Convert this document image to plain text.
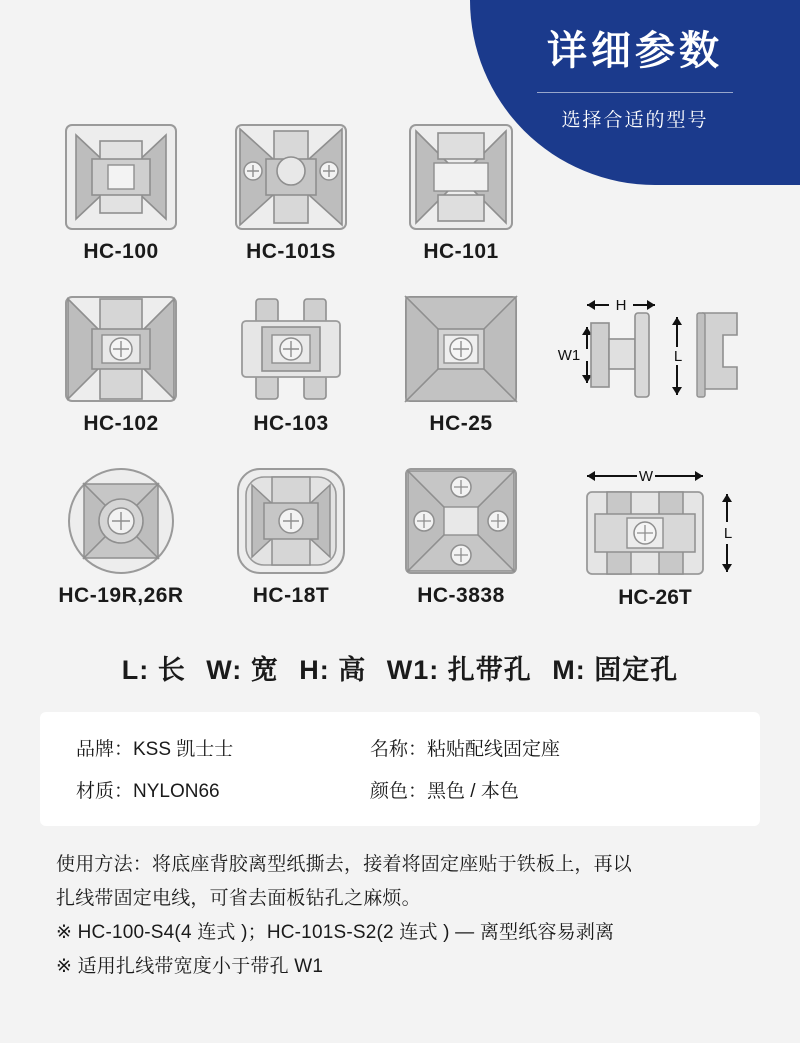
详细参数
选择合适的型号
HC-100	HC-101S	HC-101
HC-102	HC-103	HC-25
H
W1	L
HC-19R,26R	HC-18T	HC-3838
W
L
HC-26T
L: 长 W: 宽 H: 高 W1: 扎带孔 M: 固定孔
品牌：KSS 凯士士	名称：粘贴配线固定座
材质：NYLON66	颜色：黑色 / 本色

使用方法：将底座背胶离型纸撕去，接着将固定座贴于铁板上，再以

扎线带固定电线，可省去面板钻孔之麻烦。

※ HC-100-S4(4 连式 )；HC-101S-S2(2 连式 ) — 离型纸容易剥离

※ 适用扎线带宽度小于带孔 W1
